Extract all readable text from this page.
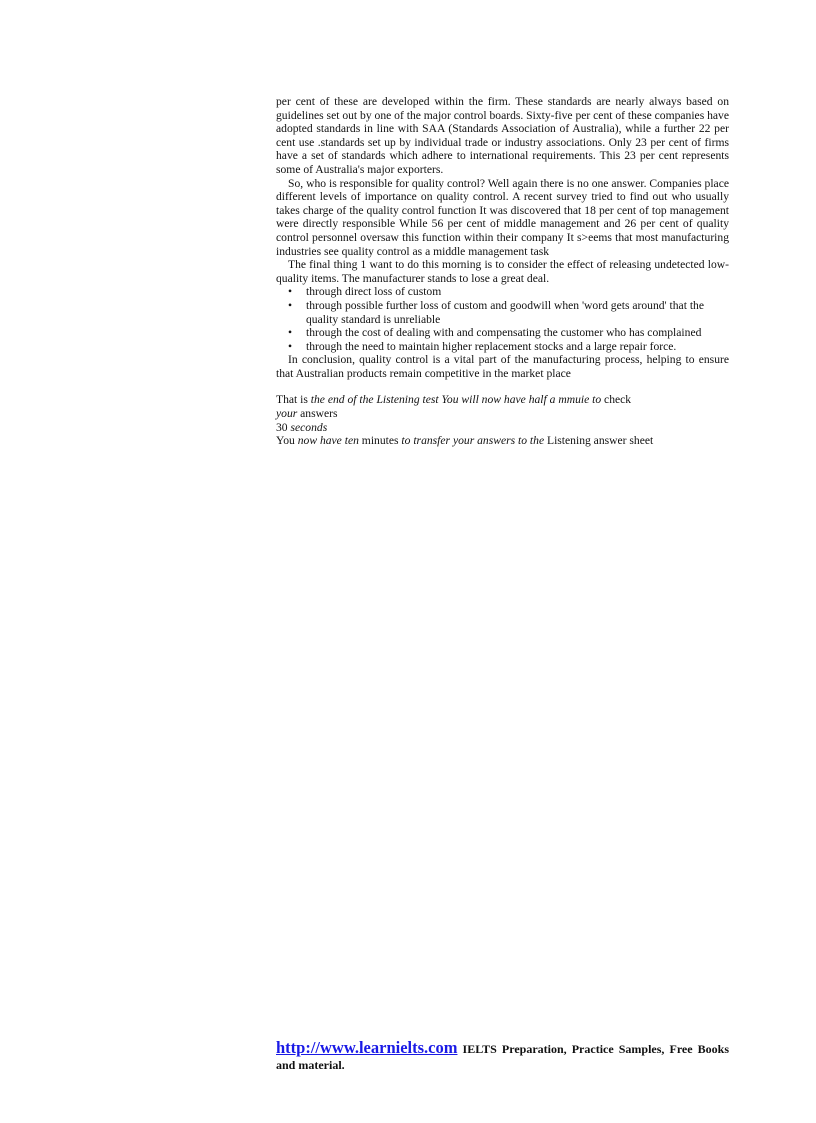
per cent of these are developed within the firm. These standards are nearly always based on guidelines set out by one of the major control boards. Sixty-five per cent of these companies have adopted standards in line with SAA (Standards Association of Australia), while a further 22 per cent use .standards set up by individual trade or industry associations. Only 23 per cent of firms have a set of standards which adhere to international requirements. This 23 per cent represents some of Australia's major exporters.

So, who is responsible for quality control? Well again there is no one answer. Companies place different levels of importance on quality control. A recent survey tried to find out who usually takes charge of the quality control function It was discovered that 18 per cent of top management were directly responsible While 56 per cent of middle management and 26 per cent of quality control personnel oversaw this function within their company It s>eems that most manufacturing industries see quality control as a middle management task

The final thing 1 want to do this morning is to consider the effect of releasing undetected low-quality items. The manufacturer stands to lose a great deal.

• through direct loss of custom
• through possible further loss of custom and goodwill when 'word gets around' that the quality standard is unreliable
• through the cost of dealing with and compensating the customer who has complained
• through the need to maintain higher replacement stocks and a large repair force.

In conclusion, quality control is a vital part of the manufacturing process, helping to ensure that Australian products remain competitive in the market place

That is the end of the Listening test You will now have half a mmuie to check
your answers

30 seconds

You now have ten minutes to transfer your answers to the Listening answer sheet

http://www.learnielts.com IELTS Preparation, Practice Samples, Free Books and material.
